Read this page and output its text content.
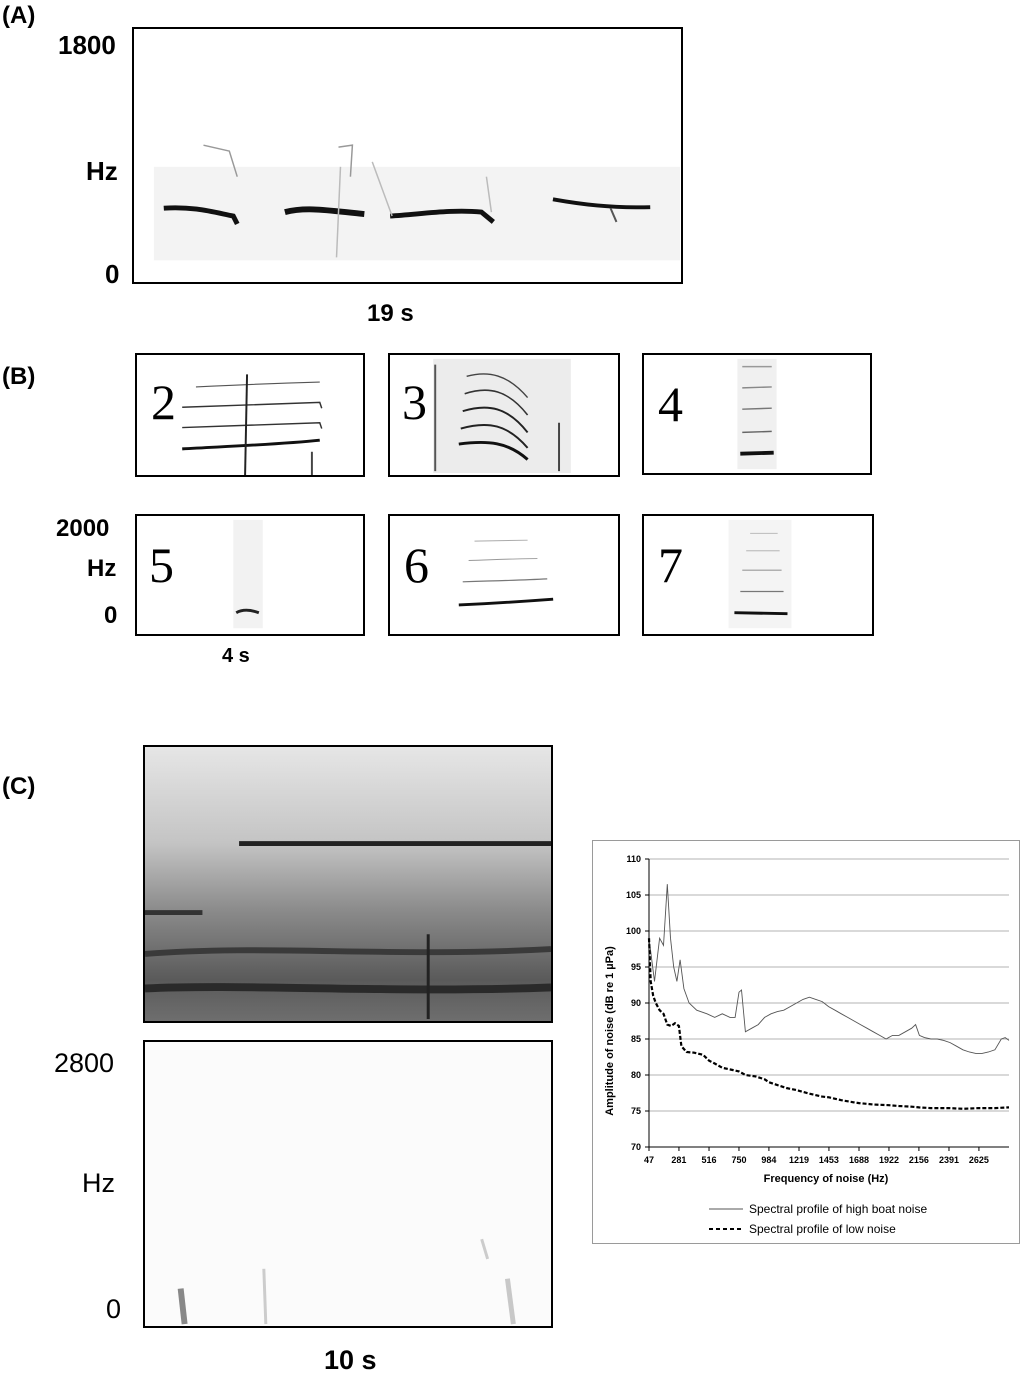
(A)
1800
Hz
0
19 s
(B) 2	3	4
2000
Hz
0
5	6	7
4 s
(C)
2800
Hz
0
10 s
70
75
80
85
90
95
100
105
110
47 281 516 750 984 1219 1453 1688 1922 2156 2391 2625
Frequency of noise (Hz)
Amplitude of noise (dB re 1 µPa)
Spectral profile of high boat noise
Spectral profile of low noise
